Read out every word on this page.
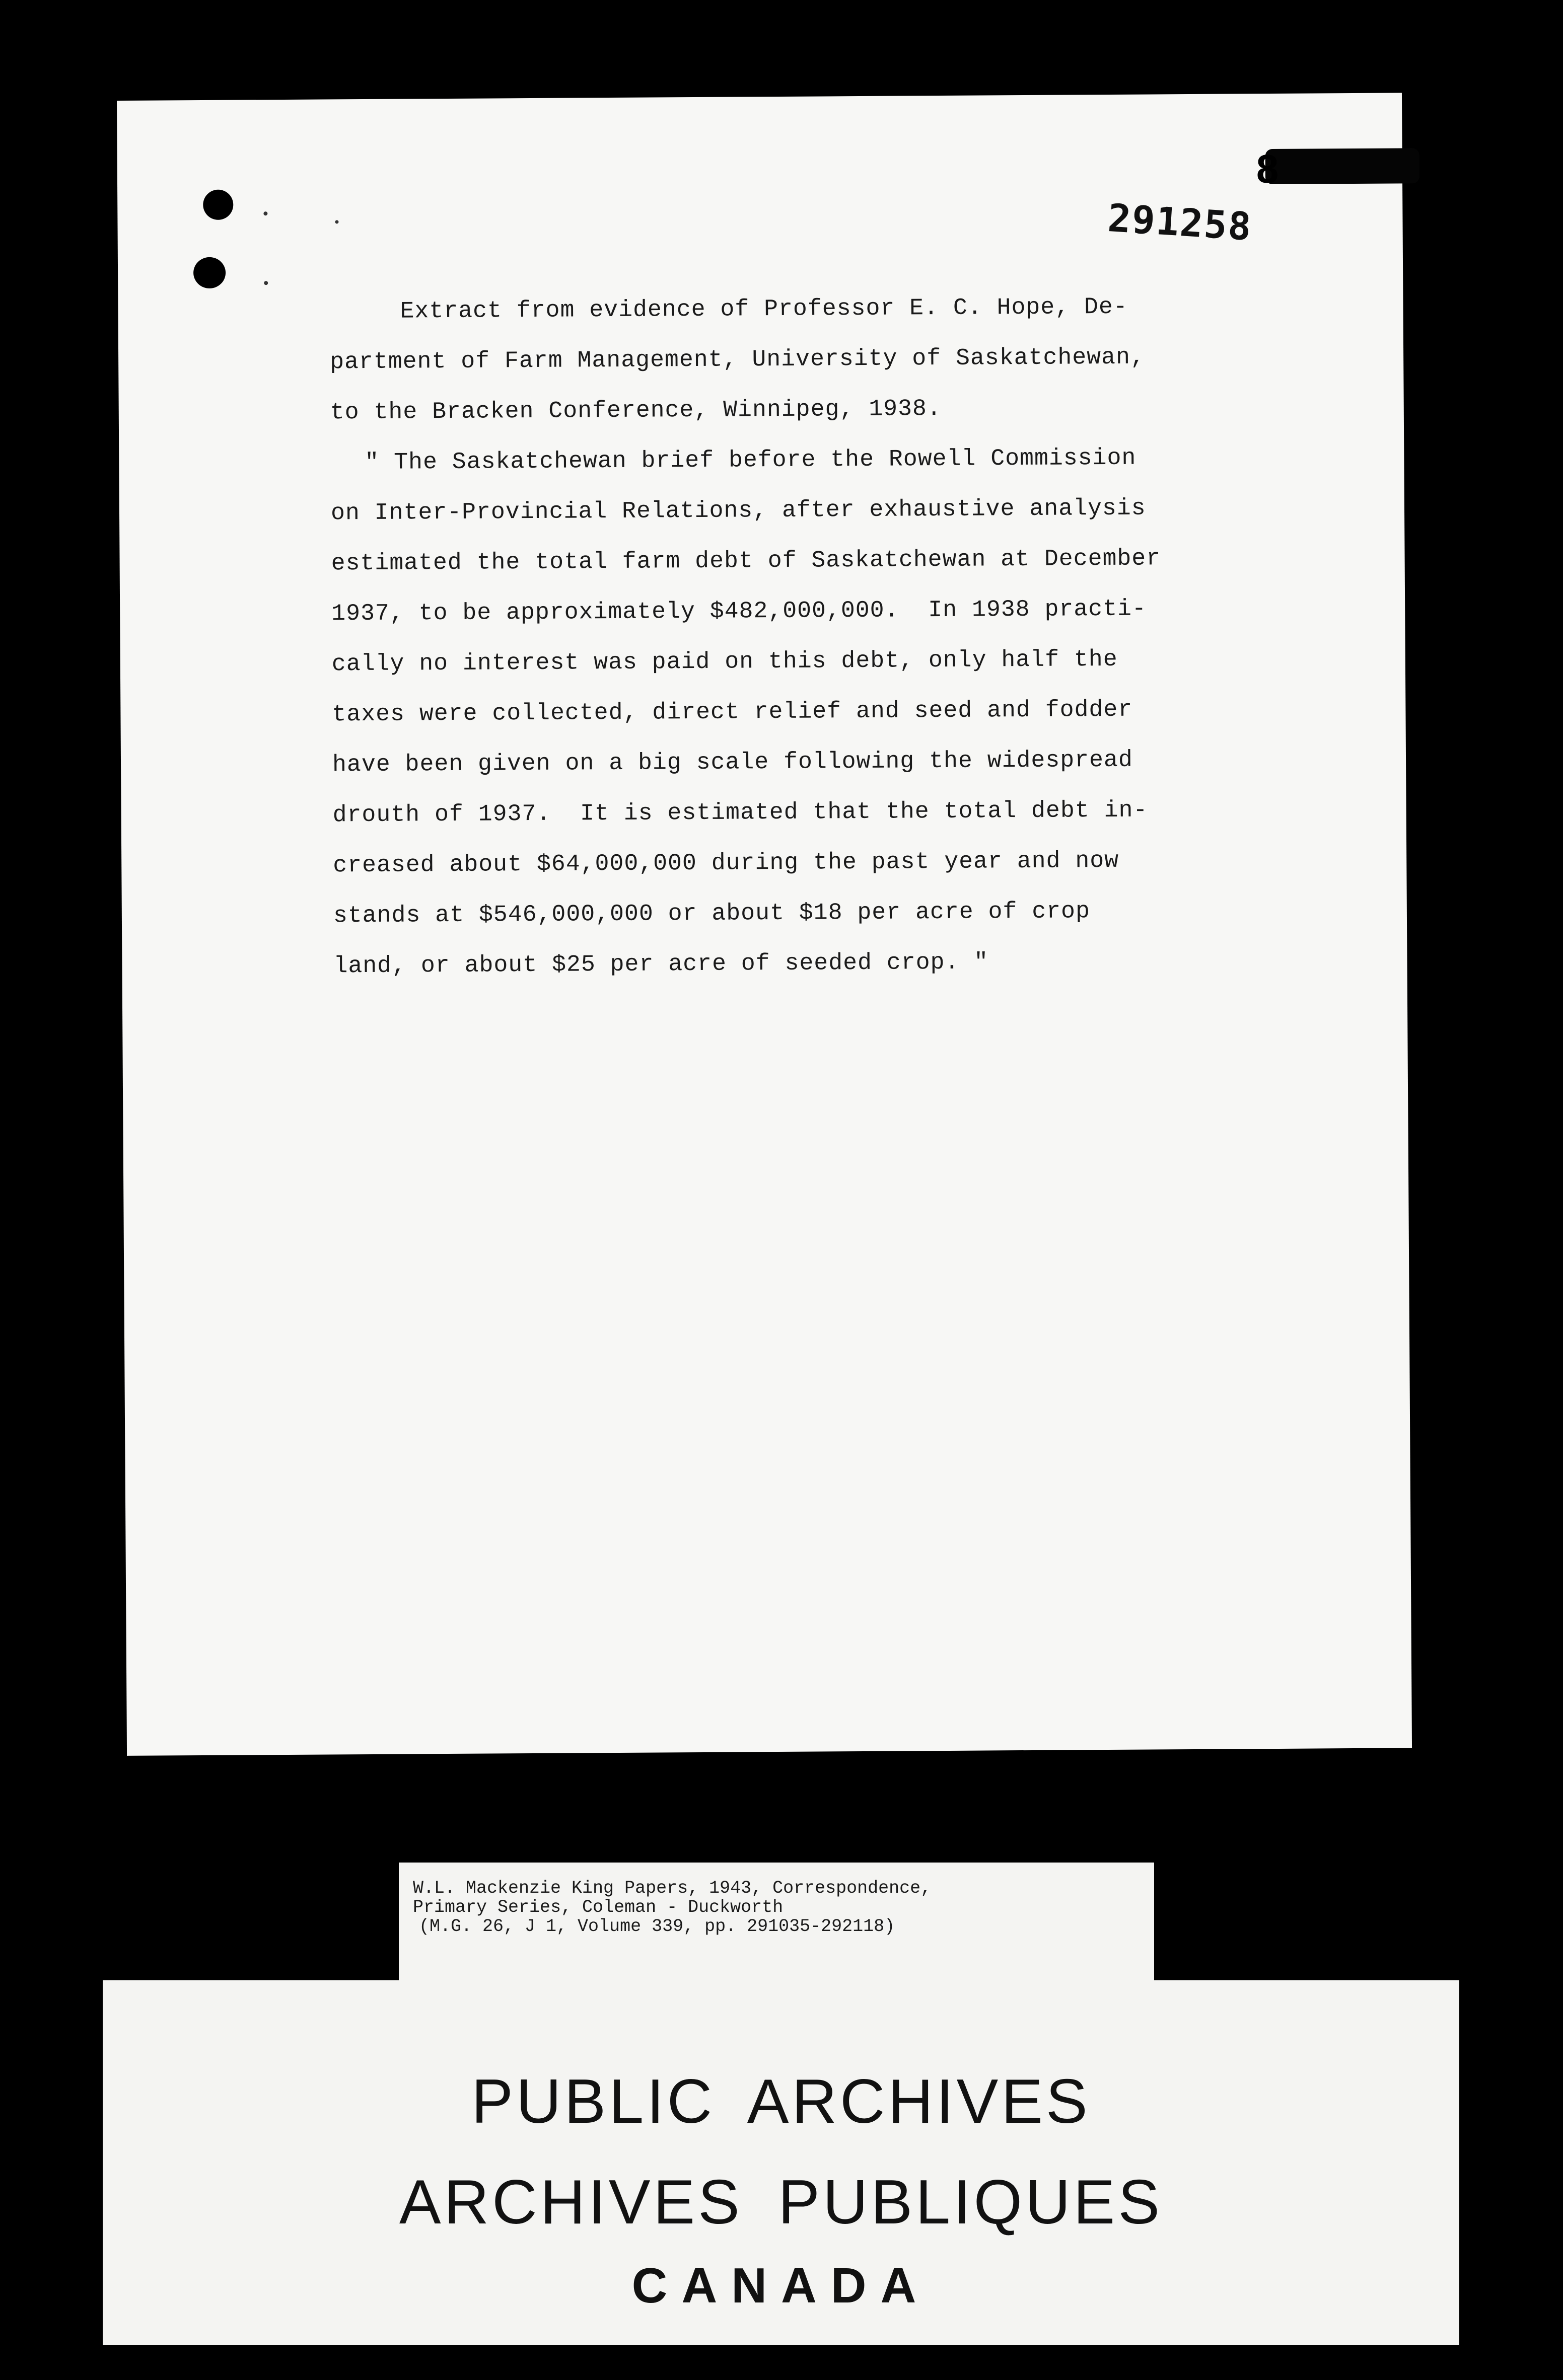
8
291258
Extract from evidence of Professor E. C. Hope, De-
partment of Farm Management, University of Saskatchewan,
to the Bracken Conference, Winnipeg, 1938.
" The Saskatchewan brief before the Rowell Commission
on Inter-Provincial Relations, after exhaustive analysis
estimated the total farm debt of Saskatchewan at December
1937, to be approximately $482,000,000.  In 1938 practi-
cally no interest was paid on this debt, only half the
taxes were collected, direct relief and seed and fodder
have been given on a big scale following the widespread
drouth of 1937.  It is estimated that the total debt in-
creased about $64,000,000 during the past year and now
stands at $546,000,000 or about $18 per acre of crop
land, or about $25 per acre of seeded crop. "
W.L. Mackenzie King Papers, 1943, Correspondence,
Primary Series, Coleman - Duckworth
(M.G. 26, J 1, Volume 339, pp. 291035-292118)
PUBLIC ARCHIVES
ARCHIVES PUBLIQUES
CANADA
